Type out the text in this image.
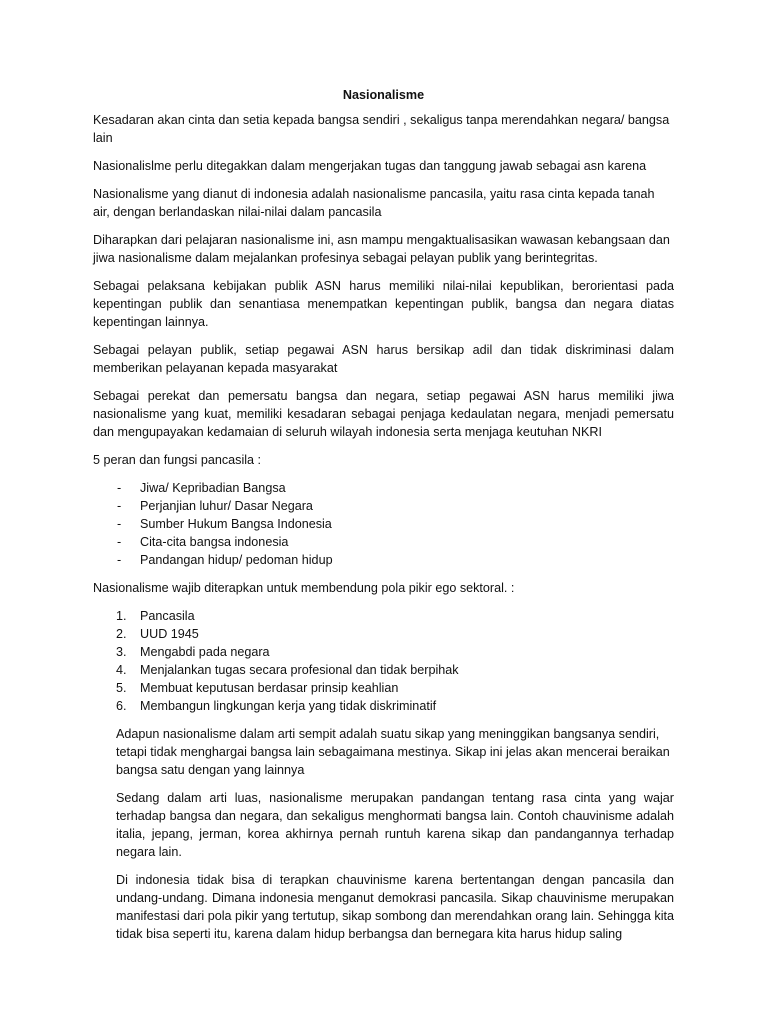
Nasionalisme

Kesadaran akan cinta dan setia kepada bangsa sendiri , sekaligus tanpa merendahkan negara/ bangsa lain

Nasionalislme perlu ditegakkan dalam mengerjakan tugas dan tanggung jawab sebagai asn karena

Nasionalisme yang dianut di indonesia adalah nasionalisme pancasila, yaitu rasa cinta kepada tanah air, dengan berlandaskan nilai-nilai dalam pancasila

Diharapkan dari pelajaran nasionalisme ini, asn mampu mengaktualisasikan wawasan kebangsaan dan jiwa nasionalisme dalam mejalankan profesinya sebagai pelayan publik yang berintegritas.

Sebagai pelaksana kebijakan publik ASN harus memiliki nilai-nilai kepublikan, berorientasi pada kepentingan publik dan senantiasa menempatkan kepentingan publik, bangsa dan negara diatas kepentingan lainnya.

Sebagai pelayan publik, setiap pegawai ASN harus bersikap adil dan tidak diskriminasi dalam memberikan pelayanan kepada masyarakat

Sebagai perekat dan pemersatu bangsa dan negara, setiap pegawai ASN harus memiliki jiwa nasionalisme yang kuat, memiliki kesadaran sebagai penjaga kedaulatan negara, menjadi pemersatu dan mengupayakan kedamaian di seluruh wilayah indonesia serta menjaga keutuhan NKRI

5 peran dan fungsi pancasila :

- Jiwa/ Kepribadian Bangsa
- Perjanjian luhur/ Dasar Negara
- Sumber Hukum Bangsa Indonesia
- Cita-cita bangsa indonesia
- Pandangan hidup/ pedoman hidup

Nasionalisme wajib diterapkan untuk membendung pola pikir ego sektoral. :

1. Pancasila
2. UUD 1945
3. Mengabdi pada negara
4. Menjalankan tugas secara profesional dan tidak berpihak
5. Membuat keputusan berdasar prinsip keahlian
6. Membangun lingkungan kerja yang tidak diskriminatif

Adapun nasionalisme dalam arti sempit adalah suatu sikap yang meninggikan bangsanya sendiri, tetapi tidak menghargai bangsa lain sebagaimana mestinya. Sikap ini jelas akan mencerai beraikan bangsa satu dengan yang lainnya

Sedang dalam arti luas, nasionalisme merupakan pandangan tentang rasa cinta yang wajar terhadap bangsa dan negara, dan sekaligus menghormati bangsa lain. Contoh chauvinisme adalah italia, jepang, jerman, korea akhirnya pernah runtuh karena sikap dan pandangannya terhadap negara lain.

Di indonesia tidak bisa di terapkan chauvinisme karena bertentangan dengan pancasila dan undang-undang. Dimana indonesia menganut demokrasi pancasila. Sikap chauvinisme merupakan manifestasi dari pola pikir yang tertutup, sikap sombong dan merendahkan orang lain. Sehingga kita tidak bisa seperti itu, karena dalam hidup berbangsa dan bernegara kita harus hidup saling
